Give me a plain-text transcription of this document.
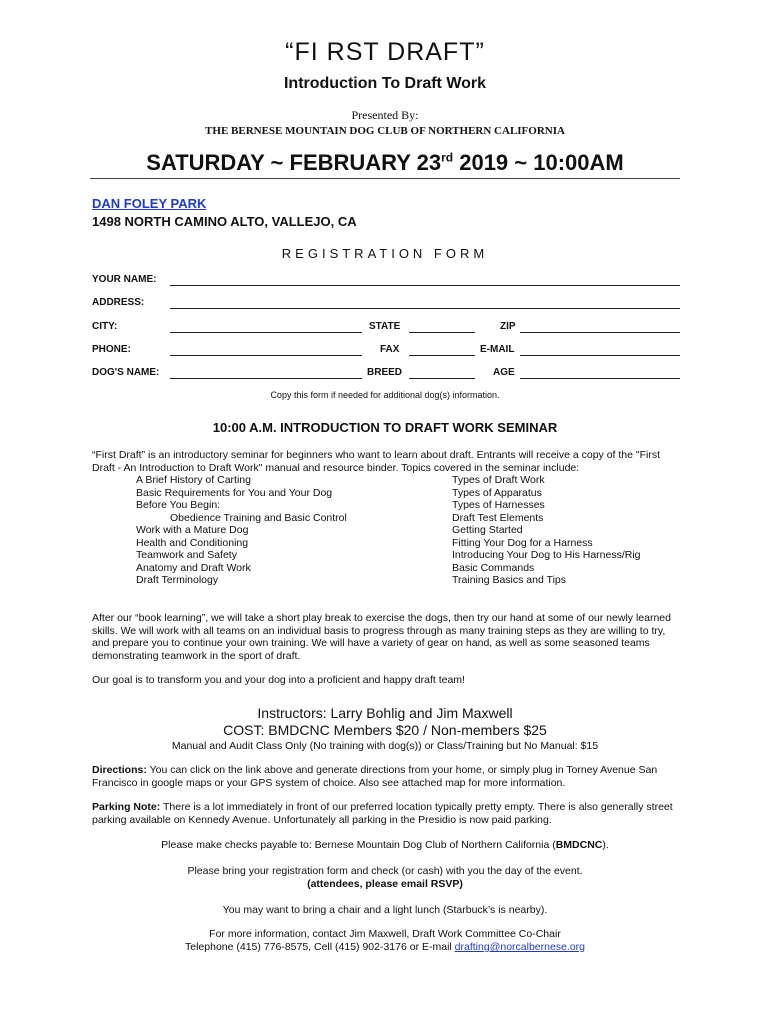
“FI RST DRAFT”
Introduction To Draft Work
Presented By:
THE BERNESE MOUNTAIN DOG CLUB OF NORTHERN CALIFORNIA
SATURDAY ~ FEBRUARY 23rd 2019 ~ 10:00AM
DAN FOLEY PARK
1498 NORTH CAMINO ALTO, VALLEJO, CA
REGISTRATION FORM
YOUR NAME:
ADDRESS:
CITY:	STATE	ZIP
PHONE:	FAX	E-MAIL
DOG'S NAME:	BREED	AGE
Copy this form if needed for additional dog(s) information.
10:00 A.M. INTRODUCTION TO DRAFT WORK SEMINAR
“First Draft” is an introductory seminar for beginners who want to learn about draft. Entrants will receive a copy of the "First Draft - An Introduction to Draft Work" manual and resource binder. Topics covered in the seminar include:
A Brief History of Carting
Basic Requirements for You and Your Dog
Before You Begin:
Obedience Training and Basic Control
Work with a Mature Dog
Health and Conditioning
Teamwork and Safety
Anatomy and Draft Work
Draft Terminology
Types of Draft Work
Types of Apparatus
Types of Harnesses
Draft Test Elements
Getting Started
Fitting Your Dog for a Harness
Introducing Your Dog to His Harness/Rig
Basic Commands
Training Basics and Tips
After our “book learning”, we will take a short play break to exercise the dogs, then try our hand at some of our newly learned skills. We will work with all teams on an individual basis to progress through as many training steps as they are willing to try, and prepare you to continue your own training. We will have a variety of gear on hand, as well as some seasoned teams demonstrating teamwork in the sport of draft.
Our goal is to transform you and your dog into a proficient and happy draft team!
Instructors: Larry Bohlig and Jim Maxwell
COST: BMDCNC Members $20 / Non-members $25
Manual and Audit Class Only (No training with dog(s)) or Class/Training but No Manual: $15
Directions: You can click on the link above and generate directions from your home, or simply plug in Torney Avenue San Francisco in google maps or your GPS system of choice. Also see attached map for more information.
Parking Note: There is a lot immediately in front of our preferred location typically pretty empty. There is also generally street parking available on Kennedy Avenue. Unfortunately all parking in the Presidio is now paid parking.
Please make checks payable to: Bernese Mountain Dog Club of Northern California (BMDCNC).
Please bring your registration form and check (or cash) with you the day of the event.
(attendees, please email RSVP)
You may want to bring a chair and a light lunch (Starbuck’s is nearby).
For more information, contact Jim Maxwell, Draft Work Committee Co-Chair
Telephone (415) 776-8575, Cell (415) 902-3176 or E-mail drafting@norcalbernese.org
